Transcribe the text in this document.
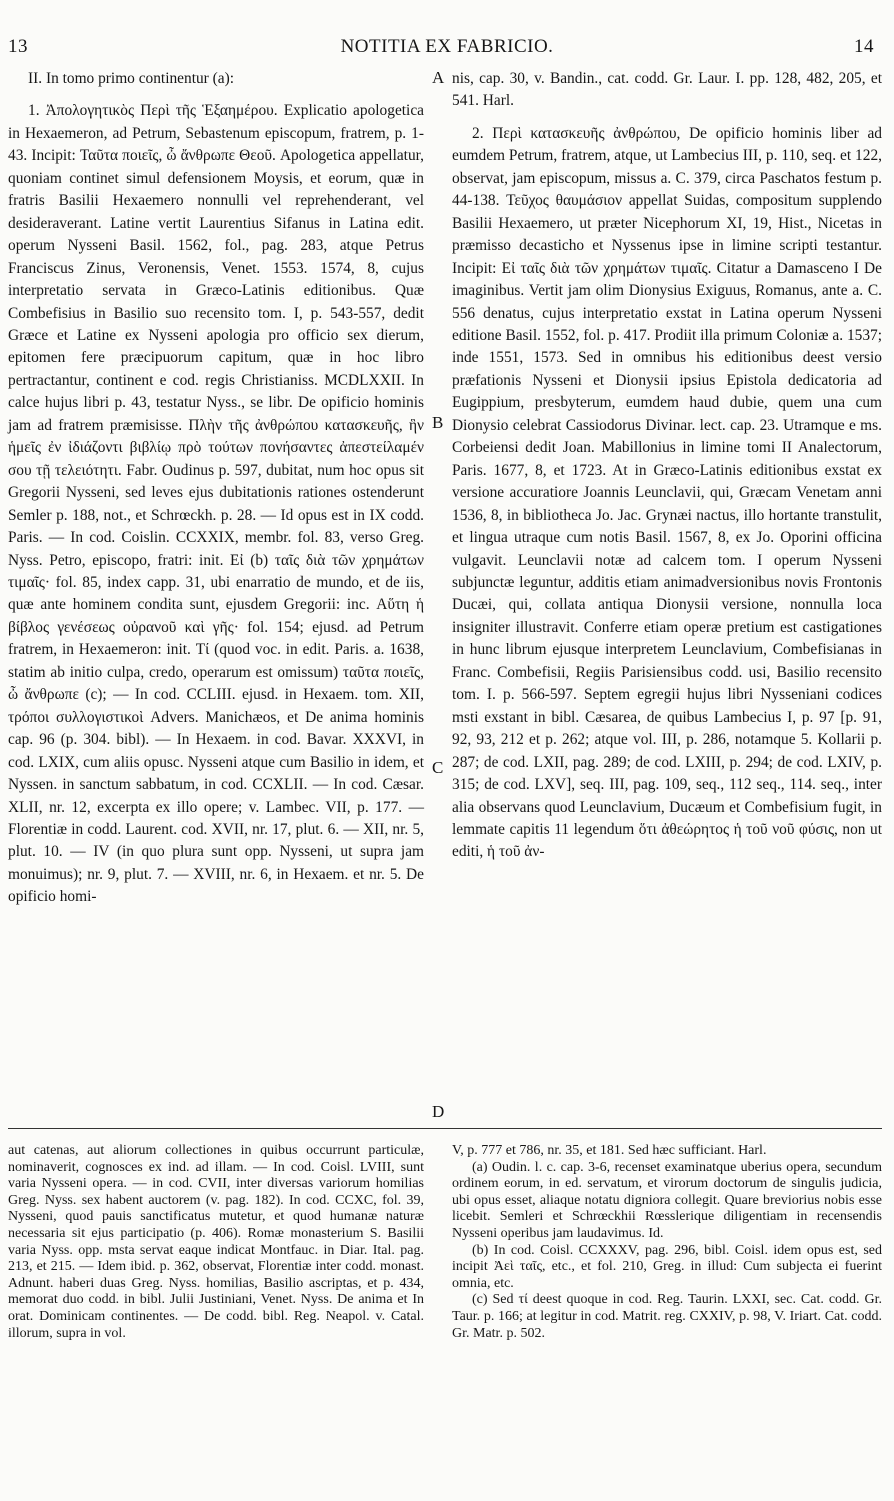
13	NOTITIA EX FABRICIO.	14
A
B
C
D

II. In tomo primo continentur (a):

1. Ἀπολογητικὸς Περὶ τῆς Ἑξαημέρου. Explicatio apologetica in Hexaemeron, ad Petrum, Sebastenum episcopum, fratrem, p. 1-43. Incipit: Ταῦτα ποιεῖς, ὦ ἄνθρωπε Θεοῦ. Apologetica appellatur, quoniam continet simul defensionem Moysis, et eorum, quæ in fratris Basilii Hexaemero nonnulli vel reprehenderant, vel desideraverant. Latine vertit Laurentius Sifanus in Latina edit. operum Nysseni Basil. 1562, fol., pag. 283, atque Petrus Franciscus Zinus, Veronensis, Venet. 1553. 1574, 8, cujus interpretatio servata in Græco-Latinis editionibus. Quæ Combefisius in Basilio suo recensito tom. I, p. 543-557, dedit Græce et Latine ex Nysseni apologia pro officio sex dierum, epitomen fere præcipuorum capitum, quæ in hoc libro pertractantur, continent e cod. regis Christianiss. MCDLXXII. In calce hujus libri p. 43, testatur Nyss., se libr. De opificio hominis jam ad fratrem præmisisse. Πλὴν τῆς ἀνθρώπου κατασκευῆς, ἣν ἡμεῖς ἐν ἰδιάζοντι βιβλίῳ πρὸ τούτων πονήσαντες ἀπεστείλαμέν σου τῇ τελειότητι. Fabr. Oudinus p. 597, dubitat, num hoc opus sit Gregorii Nysseni, sed leves ejus dubitationis rationes ostenderunt Semler p. 188, not., et Schrœckh. p. 28. — Id opus est in IX codd. Paris. — In cod. Coislin. CCXXIX, membr. fol. 83, verso Greg. Nyss. Petro, episcopo, fratri: init. Εἰ (b) ταῖς διὰ τῶν χρημάτων τιμαῖς· fol. 85, index capp. 31, ubi enarratio de mundo, et de iis, quæ ante hominem condita sunt, ejusdem Gregorii: inc. Αὕτη ἡ βίβλος γενέσεως οὐρανοῦ καὶ γῆς· fol. 154; ejusd. ad Petrum fratrem, in Hexaemeron: init. Τί (quod voc. in edit. Paris. a. 1638, statim ab initio culpa, credo, operarum est omissum) ταῦτα ποιεῖς, ὦ ἄνθρωπε (c); — In cod. CCLIII. ejusd. in Hexaem. tom. XII, τρόποι συλλογιστικοὶ Advers. Manichæos, et De anima hominis cap. 96 (p. 304. bibl). — In Hexaem. in cod. Bavar. XXXVI, in cod. LXIX, cum aliis opusc. Nysseni atque cum Basilio in idem, et Nyssen. in sanctum sabbatum, in cod. CCXLII. — In cod. Cæsar. XLII, nr. 12, excerpta ex illo opere; v. Lambec. VII, p. 177. — Florentiæ in codd. Laurent. cod. XVII, nr. 17, plut. 6. — XII, nr. 5, plut. 10. — IV (in quo plura sunt opp. Nysseni, ut supra jam monuimus); nr. 9, plut. 7. — XVIII, nr. 6, in Hexaem. et nr. 5. De opificio homi-

nis, cap. 30, v. Bandin., cat. codd. Gr. Laur. I. pp. 128, 482, 205, et 541. Harl.

2. Περὶ κατασκευῆς ἀνθρώπου, De opificio hominis liber ad eumdem Petrum, fratrem, atque, ut Lambecius III, p. 110, seq. et 122, observat, jam episcopum, missus a. C. 379, circa Paschatos festum p. 44-138. Τεῦχος θαυμάσιον appellat Suidas, compositum supplendo Basilii Hexaemero, ut præter Nicephorum XI, 19, Hist., Nicetas in præmisso decasticho et Nyssenus ipse in limine scripti testantur. Incipit: Εἰ ταῖς διὰ τῶν χρημάτων τιμαῖς. Citatur a Damasceno I De imaginibus. Vertit jam olim Dionysius Exiguus, Romanus, ante a. C. 556 denatus, cujus interpretatio exstat in Latina operum Nysseni editione Basil. 1552, fol. p. 417. Prodiit illa primum Coloniæ a. 1537; inde 1551, 1573. Sed in omnibus his editionibus deest versio præfationis Nysseni et Dionysii ipsius Epistola dedicatoria ad Eugippium, presbyterum, eumdem haud dubie, quem una cum Dionysio celebrat Cassiodorus Divinar. lect. cap. 23. Utramque e ms. Corbeiensi dedit Joan. Mabillonius in limine tomi II Analectorum, Paris. 1677, 8, et 1723. At in Græco-Latinis editionibus exstat ex versione accuratiore Joannis Leunclavii, qui, Græcam Venetam anni 1536, 8, in bibliotheca Jo. Jac. Grynæi nactus, illo hortante transtulit, et lingua utraque cum notis Basil. 1567, 8, ex Jo. Oporini officina vulgavit. Leunclavii notæ ad calcem tom. I operum Nysseni subjunctæ leguntur, additis etiam animadversionibus novis Frontonis Ducæi, qui, collata antiqua Dionysii versione, nonnulla loca insigniter illustravit. Conferre etiam operæ pretium est castigationes in hunc librum ejusque interpretem Leunclavium, Combefisianas in Franc. Combefisii, Regiis Parisiensibus codd. usi, Basilio recensito tom. I. p. 566-597. Septem egregii hujus libri Nysseniani codices msti exstant in bibl. Cæsarea, de quibus Lambecius I, p. 97 [p. 91, 92, 93, 212 et p. 262; atque vol. III, p. 286, notamque 5. Kollarii p. 287; de cod. LXII, pag. 289; de cod. LXIII, p. 294; de cod. LXIV, p. 315; de cod. LXV], seq. III, pag. 109, seq., 112 seq., 114. seq., inter alia observans quod Leunclavium, Ducæum et Combefisium fugit, in lemmate capitis 11 legendum ὅτι ἀθεώρητος ἡ τοῦ νοῦ φύσις, non ut editi, ἡ τοῦ ἀν-

aut catenas, aut aliorum collectiones in quibus occurrunt particulæ, nominaverit, cognosces ex ind. ad illam. — In cod. Coisl. LVIII, sunt varia Nysseni opera. — in cod. CVII, inter diversas variorum homilias Greg. Nyss. sex habent auctorem (v. pag. 182). In cod. CCXC, fol. 39, Nysseni, quod pauis sanctificatus mutetur, et quod humanæ naturæ necessaria sit ejus participatio (p. 406). Romæ monasterium S. Basilii varia Nyss. opp. msta servat eaque indicat Montfauc. in Diar. Ital. pag. 213, et 215. — Idem ibid. p. 362, observat, Florentiæ inter codd. monast. Adnunt. haberi duas Greg. Nyss. homilias, Basilio ascriptas, et p. 434, memorat duo codd. in bibl. Julii Justiniani, Venet. Nyss. De anima et In orat. Dominicam continentes. — De codd. bibl. Reg. Neapol. v. Catal. illorum, supra in vol.

V, p. 777 et 786, nr. 35, et 181. Sed hæc sufficiant. Harl.

(a) Oudin. l. c. cap. 3-6, recenset examinatque uberius opera, secundum ordinem eorum, in ed. servatum, et virorum doctorum de singulis judicia, ubi opus esset, aliaque notatu digniora collegit. Quare breviorius nobis esse licebit. Semleri et Schrœckhii Rœsslerique diligentiam in recensendis Nysseni operibus jam laudavimus. Id.

(b) In cod. Coisl. CCXXXV, pag. 296, bibl. Coisl. idem opus est, sed incipit Ἀεὶ ταῖς, etc., et fol. 210, Greg. in illud: Cum subjecta ei fuerint omnia, etc.

(c) Sed τί deest quoque in cod. Reg. Taurin. LXXI, sec. Cat. codd. Gr. Taur. p. 166; at legitur in cod. Matrit. reg. CXXIV, p. 98, V. Iriart. Cat. codd. Gr. Matr. p. 502.
